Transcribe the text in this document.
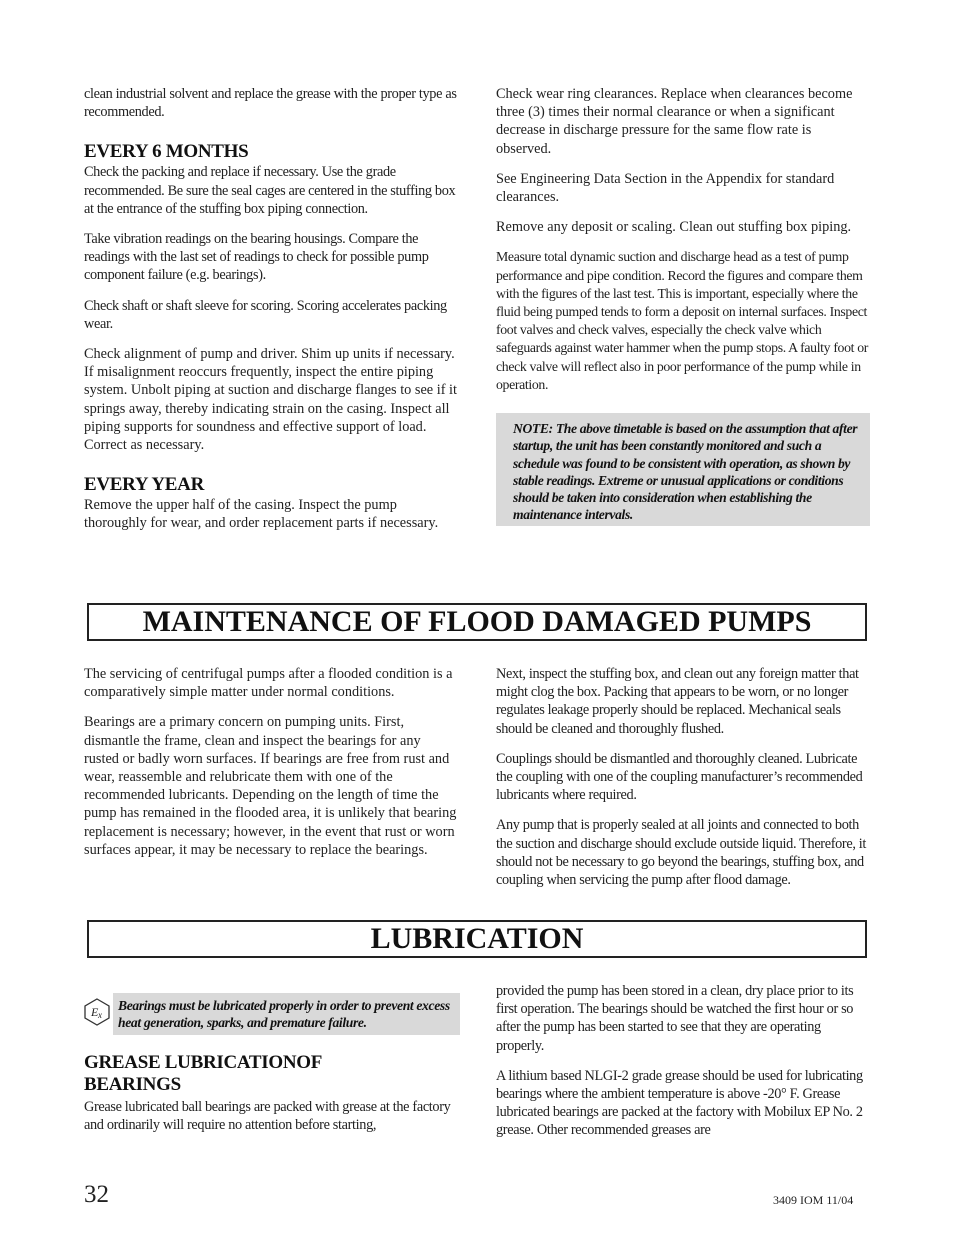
clean industrial solvent and replace the grease with the proper type as recommended.

EVERY 6 MONTHS

Check the packing and replace if necessary. Use the grade recommended. Be sure the seal cages are centered in the stuffing box at the entrance of the stuffing box piping connection.

Take vibration readings on the bearing housings. Compare the readings with the last set of readings to check for possible pump component failure (e.g. bearings).

Check shaft or shaft sleeve for scoring. Scoring accelerates packing wear.

Check alignment of pump and driver. Shim up units if necessary. If misalignment reoccurs frequently, inspect the entire piping system. Unbolt piping at suction and discharge flanges to see if it springs away, thereby indicating strain on the casing. Inspect all piping supports for soundness and effective support of load. Correct as necessary.

EVERY YEAR

Remove the upper half of the casing. Inspect the pump thoroughly for wear, and order replacement parts if necessary.

Check wear ring clearances. Replace when clearances become three (3) times their normal clearance or when a significant decrease in discharge pressure for the same flow rate is observed.

See Engineering Data Section in the Appendix for standard clearances.

Remove any deposit or scaling. Clean out stuffing box piping.

Measure total dynamic suction and discharge head as a test of pump performance and pipe condition. Record the figures and compare them with the figures of the last test. This is important, especially where the fluid being pumped tends to form a deposit on internal surfaces. Inspect foot valves and check valves, especially the check valve which safeguards against water hammer when the pump stops. A faulty foot or check valve will reflect also in poor performance of the pump while in operation.

NOTE: The above timetable is based on the assumption that after startup, the unit has been constantly monitored and such a schedule was found to be consistent with operation, as shown by stable readings. Extreme or unusual applications or conditions should be taken into consideration when establishing the maintenance intervals.
MAINTENANCE OF FLOOD DAMAGED PUMPS

The servicing of centrifugal pumps after a flooded condition is a comparatively simple matter under normal conditions.

Bearings are a primary concern on pumping units. First, dismantle the frame, clean and inspect the bearings for any rusted or badly worn surfaces. If bearings are free from rust and wear, reassemble and relubricate them with one of the recommended lubricants. Depending on the length of time the pump has remained in the flooded area, it is unlikely that bearing replacement is necessary; however, in the event that rust or worn surfaces appear, it may be necessary to replace the bearings.

Next, inspect the stuffing box, and clean out any foreign matter that might clog the box. Packing that appears to be worn, or no longer regulates leakage properly should be replaced. Mechanical seals should be cleaned and thoroughly flushed.

Couplings should be dismantled and thoroughly cleaned. Lubricate the coupling with one of the coupling manufacturer’s recommended lubricants where required.

Any pump that is properly sealed at all joints and connected to both the suction and discharge should exclude outside liquid. Therefore, it should not be necessary to go beyond the bearings, stuffing box, and coupling when servicing the pump after flood damage.

LUBRICATION
E x
Bearings must be lubricated properly in order to prevent excess heat generation, sparks, and premature failure.
GREASE LUBRICATIONOF BEARINGS

Grease lubricated ball bearings are packed with grease at the factory and ordinarily will require no attention before starting,

provided the pump has been stored in a clean, dry place prior to its first operation. The bearings should be watched the first hour or so after the pump has been started to see that they are operating properly.

A lithium based NLGI-2 grade grease should be used for lubricating bearings where the ambient temperature is above -20° F. Grease lubricated bearings are packed at the factory with Mobilux EP No. 2 grease. Other recommended greases are

32	3409 IOM 11/04
